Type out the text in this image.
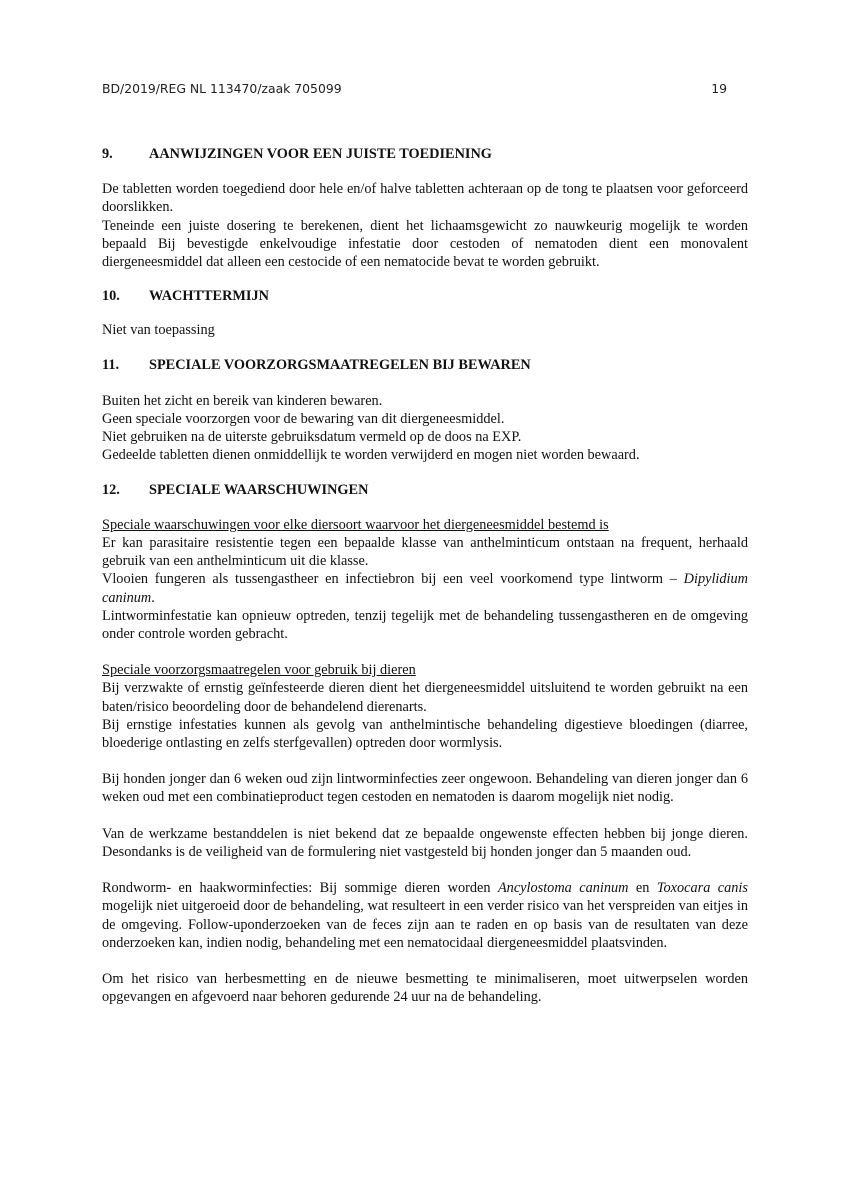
BD/2019/REG NL 113470/zaak 705099	19
9.	AANWIJZINGEN VOOR EEN JUISTE TOEDIENING

De tabletten worden toegediend door hele en/of halve tabletten achteraan op de tong te plaatsen voor geforceerd doorslikken.

Teneinde een juiste dosering te berekenen, dient het lichaamsgewicht zo nauwkeurig mogelijk te worden bepaald Bij bevestigde enkelvoudige infestatie door cestoden of nematoden dient een monovalent diergeneesmiddel dat alleen een cestocide of een nematocide bevat te worden gebruikt.

10.	WACHTTERMIJN

Niet van toepassing

11.	SPECIALE VOORZORGSMAATREGELEN BIJ BEWAREN

Buiten het zicht en bereik van kinderen bewaren.

Geen speciale voorzorgen voor de bewaring van dit diergeneesmiddel.

Niet gebruiken na de uiterste gebruiksdatum vermeld op de doos na EXP.

Gedeelde tabletten dienen onmiddellijk te worden verwijderd en mogen niet worden bewaard.

12.	SPECIALE WAARSCHUWINGEN

Speciale waarschuwingen voor elke diersoort waarvoor het diergeneesmiddel bestemd is

Er kan parasitaire resistentie tegen een bepaalde klasse van anthelminticum ontstaan na frequent, herhaald gebruik van een anthelminticum uit die klasse.

Vlooien fungeren als tussengastheer en infectiebron bij een veel voorkomend type lintworm – Dipylidium caninum.

Lintworminfestatie kan opnieuw optreden, tenzij tegelijk met de behandeling tussengastheren en de omgeving onder controle worden gebracht.

Speciale voorzorgsmaatregelen voor gebruik bij dieren

Bij verzwakte of ernstig geïnfesteerde dieren dient het diergeneesmiddel uitsluitend te worden gebruikt na een baten/risico beoordeling door de behandelend dierenarts.

Bij ernstige infestaties kunnen als gevolg van anthelmintische behandeling digestieve bloedingen (diarree, bloederige ontlasting en zelfs sterfgevallen) optreden door wormlysis.

Bij honden jonger dan 6 weken oud zijn lintworminfecties zeer ongewoon. Behandeling van dieren jonger dan 6 weken oud met een combinatieproduct tegen cestoden en nematoden is daarom mogelijk niet nodig.

Van de werkzame bestanddelen is niet bekend dat ze bepaalde ongewenste effecten hebben bij jonge dieren. Desondanks is de veiligheid van de formulering niet vastgesteld bij honden jonger dan 5 maanden oud.

Rondworm- en haakworminfecties: Bij sommige dieren worden Ancylostoma caninum en Toxocara canis mogelijk niet uitgeroeid door de behandeling, wat resulteert in een verder risico van het verspreiden van eitjes in de omgeving. Follow-uponderzoeken van de feces zijn aan te raden en op basis van de resultaten van deze onderzoeken kan, indien nodig, behandeling met een nematocidaal diergeneesmiddel plaatsvinden.

Om het risico van herbesmetting en de nieuwe besmetting te minimaliseren, moet uitwerpselen worden opgevangen en afgevoerd naar behoren gedurende 24 uur na de behandeling.
